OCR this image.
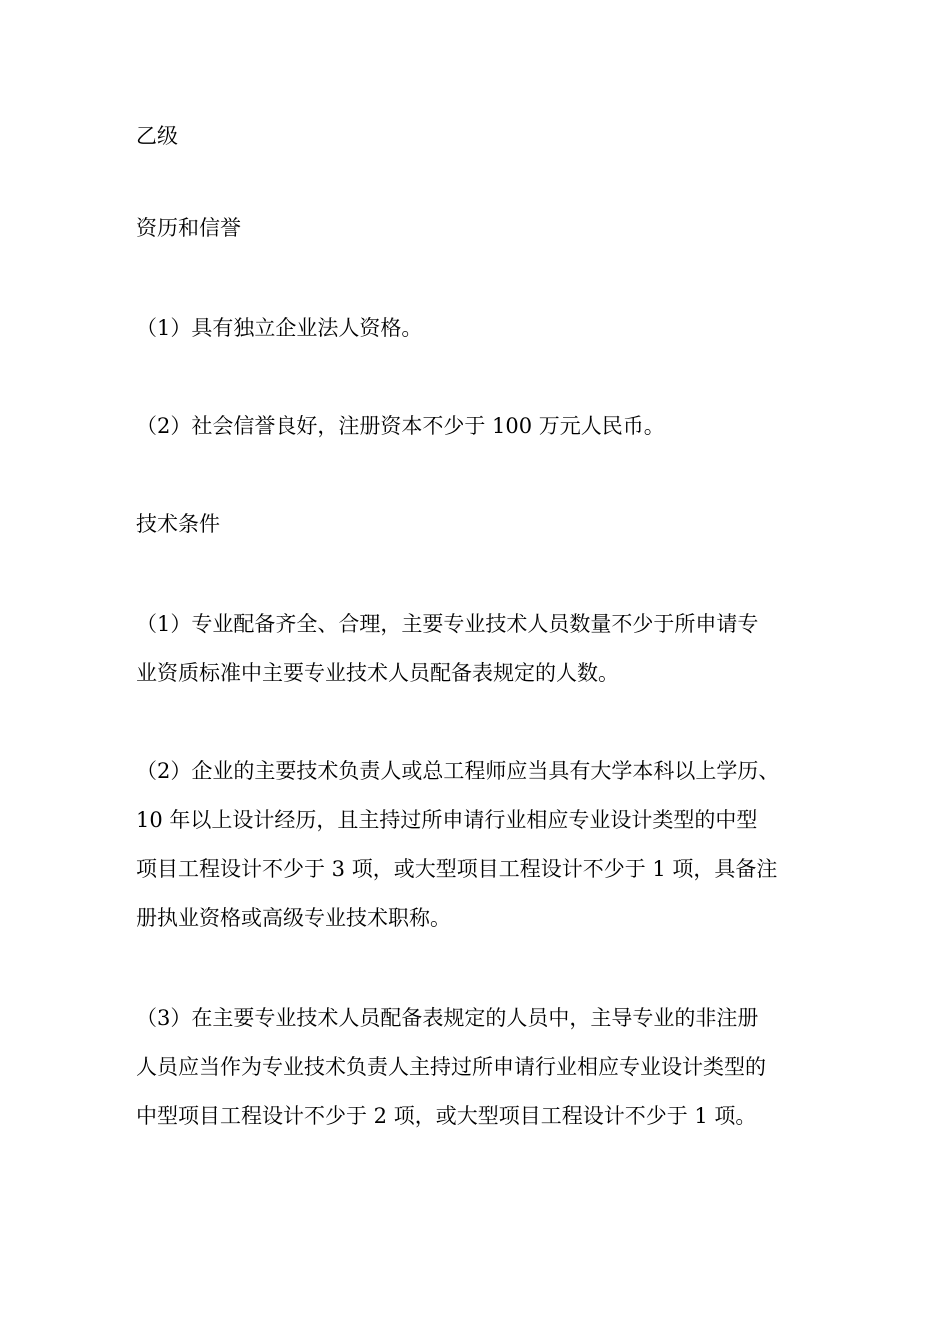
乙级

资历和信誉

（1）具有独立企业法人资格。

（2）社会信誉良好，注册资本不少于 100 万元人民币。

技术条件

（1）专业配备齐全、合理，主要专业技术人员数量不少于所申请专
业资质标准中主要专业技术人员配备表规定的人数。

（2）企业的主要技术负责人或总工程师应当具有大学本科以上学历、
10 年以上设计经历，且主持过所申请行业相应专业设计类型的中型
项目工程设计不少于 3 项，或大型项目工程设计不少于 1 项，具备注
册执业资格或高级专业技术职称。

（3）在主要专业技术人员配备表规定的人员中，主导专业的非注册
人员应当作为专业技术负责人主持过所申请行业相应专业设计类型的
中型项目工程设计不少于 2 项，或大型项目工程设计不少于 1 项。
